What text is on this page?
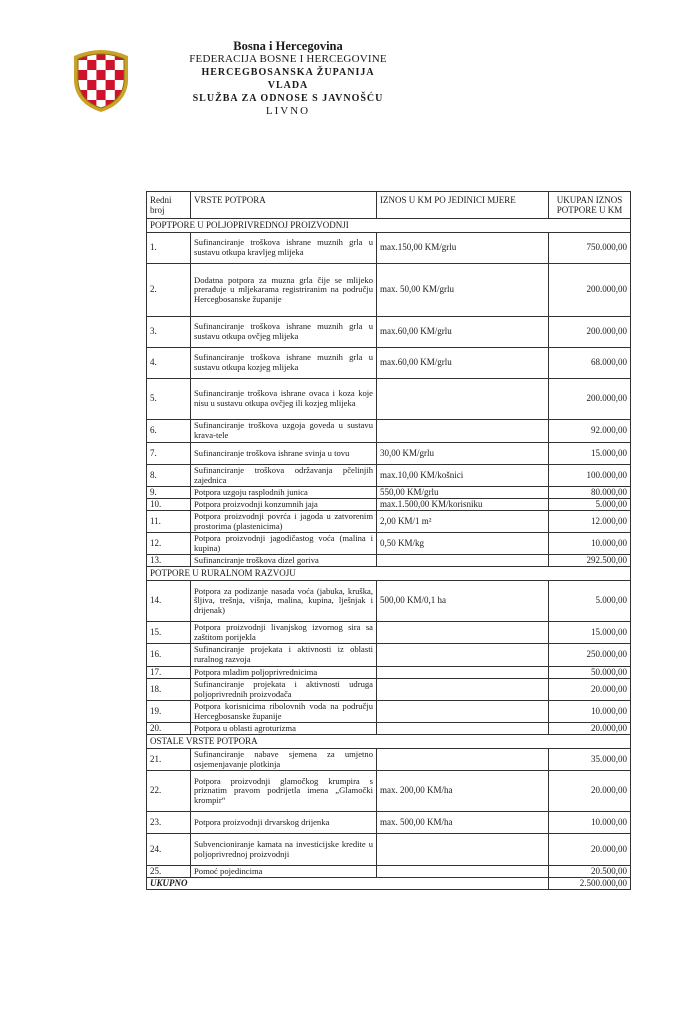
Bosna i Hercegovina
FEDERACIJA BOSNE I HERCEGOVINE
HERCEGBOSANSKA ŽUPANIJA
VLADA
SLUŽBA ZA ODNOSE S JAVNOŠĆU
LIVNO
Redni broj	VRSTE POTPORA	IZNOS U KM PO JEDINICI MJERE	UKUPAN IZNOS POTPORE U KM
POPTPORE U POLJOPRIVREDNOJ PROIZVODNJI			
1.	Sufinanciranje troškova ishrane muznih grla u sustavu otkupa kravljeg mlijeka	max.150,00 KM/grlu	750.000,00
2.	Dodatna potpora za muzna grla čije se mlijeko prerađuje u mljekarama registriranim na području Hercegbosanske županije	max. 50,00 KM/grlu	200.000,00
3.	Sufinanciranje troškova ishrane muznih grla u sustavu otkupa ovčjeg mlijeka	max.60,00 KM/grlu	200.000,00
4.	Sufinanciranje troškova ishrane muznih grla u sustavu otkupa kozjeg mlijeka	max.60,00 KM/grlu	68.000,00
5.	Sufinanciranje troškova ishrane ovaca i koza koje nisu u sustavu otkupa ovčjeg ili kozjeg mlijeka		200.000,00
6.	Sufinanciranje troškova uzgoja goveda u sustavu krava-tele		92.000,00
7.	Sufinanciranje troškova ishrane svinja u tovu	30,00 KM/grlu	15.000,00
8.	Sufinanciranje troškova održavanja pčelinjih zajednica	max.10,00 KM/košnici	100.000,00
9.	Potpora uzgoju rasplodnih junica	550,00 KM/grlu	80.000,00
10.	Potpora proizvodnji konzumnih jaja	max.1.500,00 KM/korisniku	5.000,00
11.	Potpora proizvodnji povrća i jagoda u zatvorenim prostorima (plastenicima)	2,00 KM/1 m²	12.000,00
12.	Potpora proizvodnji jagodičastog voća (malina i kupina)	0,50 KM/kg	10.000,00
13.	Sufinanciranje troškova dizel goriva		292.500,00
POTPORE U RURALNOM RAZVOJU			
14.	Potpora za podizanje nasada voća (jabuka, kruška, šljiva, trešnja, višnja, malina, kupina, lješnjak i drijenak)	500,00 KM/0,1 ha	5.000,00
15.	Potpora proizvodnji livanjskog izvornog sira sa zaštitom porijekla		15.000,00
16.	Sufinanciranje projekata i aktivnosti iz oblasti ruralnog razvoja		250.000,00
17.	Potpora mladim poljoprivrednicima		50.000,00
18.	Sufinanciranje projekata i aktivnosti udruga poljoprivrednih proizvođača		20.000,00
19.	Potpora korisnicima ribolovnih voda na području Hercegbosanske županije		10.000,00
20.	Potpora u oblasti agroturizma		20.000,00
OSTALE VRSTE POTPORA			
21.	Sufinanciranje nabave sjemena za umjetno osjemenjavanje plotkinja		35.000,00
22.	Potpora proizvodnji glamočkog krumpira s priznatim pravom podrijetla imena „Glamočki krompir“	max. 200,00 KM/ha	20.000,00
23.	Potpora proizvodnji drvarskog drijenka	max. 500,00 KM/ha	10.000,00
24.	Subvencioniranje kamata na investicijske kredite u poljoprivrednoj proizvodnji		20.000,00
25.	Pomoć pojedincima		20.500,00
UKUPNO			2.500.000,00
